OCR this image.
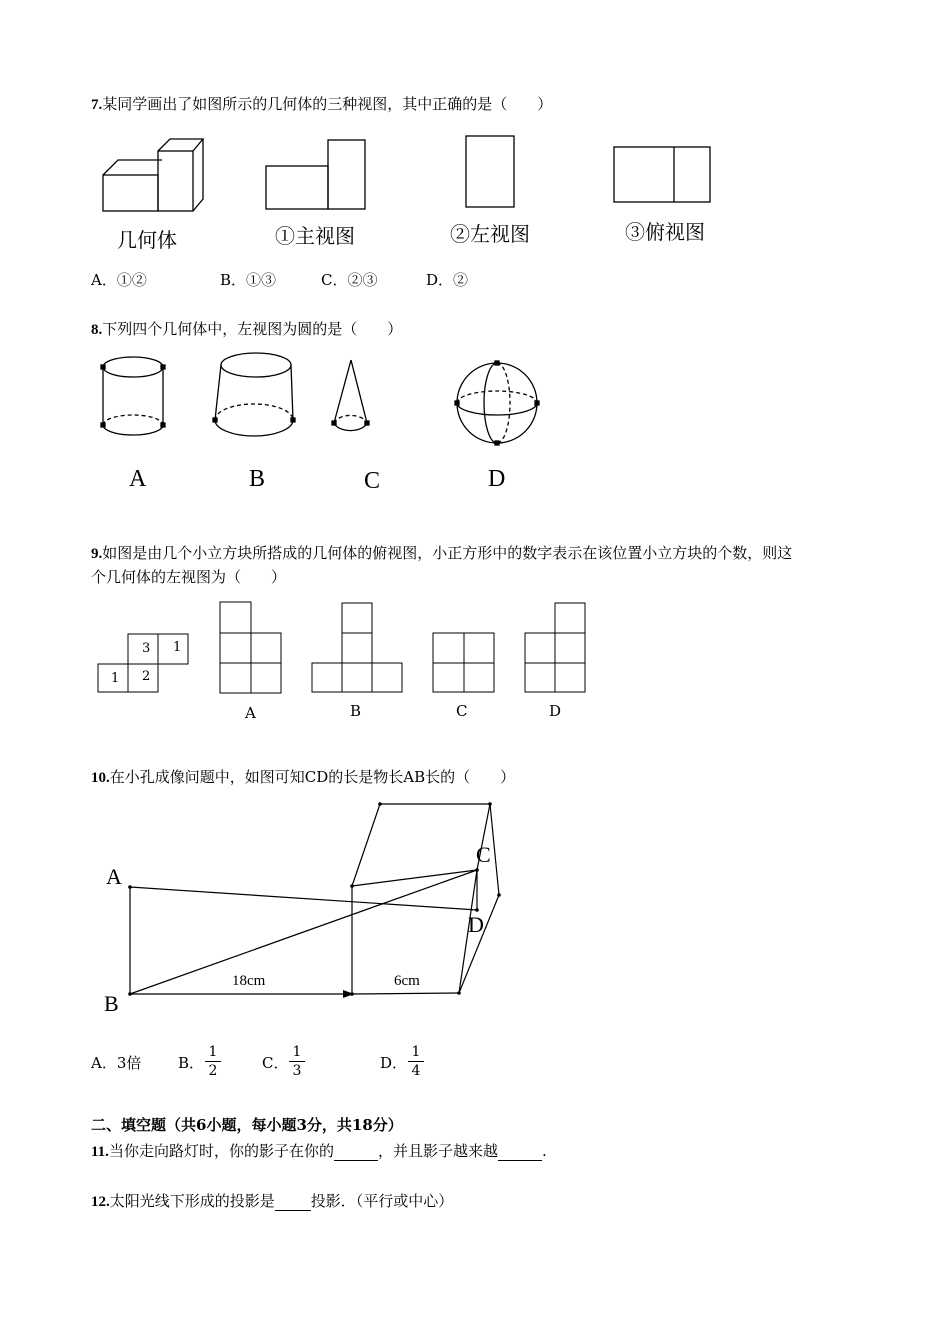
7.某同学画出了如图所示的几何体的三种视图，其中正确的是（　　）
几何体	①主视图	②左视图	③俯视图
A．①②	B．①③	C．②③	D．②
8.下列四个几何体中，左视图为圆的是（　　）
A	B	C	D
9.如图是由几个小立方块所搭成的几何体的俯视图，小正方形中的数字表示在该位置小立方块的个数，则这
个几何体的左视图为（　　）
3 1
1 2
A	B	C	D
10.在小孔成像问题中，如图可知CD的长是物长AB长的（　　）
A
B
C
D
18cm	6cm
A．3倍 B． $\frac{1}{2}$	C． $\frac{1}{3}$	D． $\frac{1}{4}$
二、填空题（共6小题，每小题3分，共18分）
11.当你走向路灯时，你的影子在你的	，并且影子越来越	.
12.太阳光线下形成的投影是 投影．（平行或中心）
